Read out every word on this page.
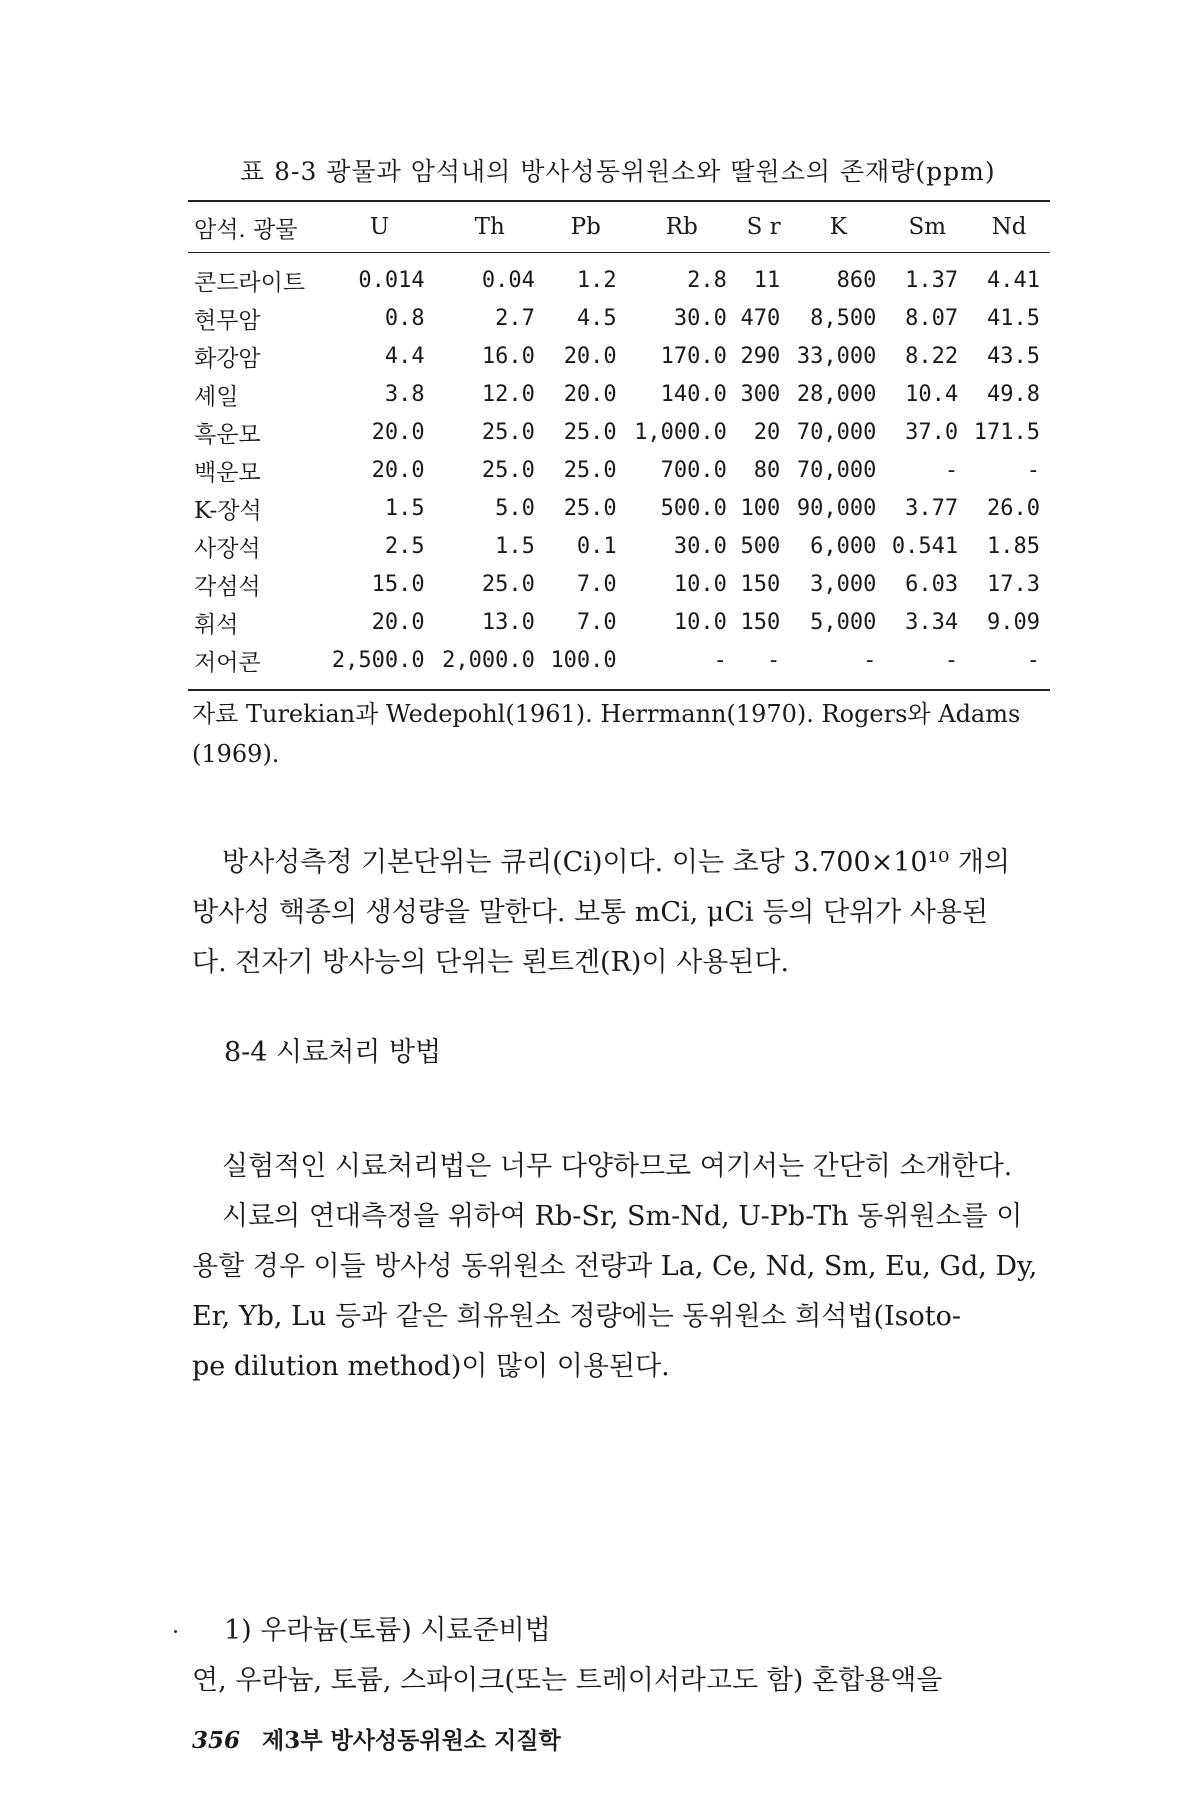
표 8-3 광물과 암석내의 방사성동위원소와 딸원소의 존재량(ppm)
암석. 광물	U	Th	Pb	Rb	S r	K	Sm	Nd
콘드라이트	0.014	0.04	1.2	2.8	11	860	1.37	4.41
현무암	0.8	2.7	4.5	30.0	470	8,500	8.07	41.5
화강암	4.4	16.0	20.0	170.0	290	33,000	8.22	43.5
셰일	3.8	12.0	20.0	140.0	300	28,000	10.4	49.8
흑운모	20.0	25.0	25.0	1,000.0	20	70,000	37.0	171.5
백운모	20.0	25.0	25.0	700.0	80	70,000	-	-
K-장석	1.5	5.0	25.0	500.0	100	90,000	3.77	26.0
사장석	2.5	1.5	0.1	30.0	500	6,000	0.541	1.85
각섬석	15.0	25.0	7.0	10.0	150	3,000	6.03	17.3
휘석	20.0	13.0	7.0	10.0	150	5,000	3.34	9.09
저어콘	2,500.0	2,000.0	100.0	-	-	-	-	-
자료 Turekian과 Wedepohl(1961). Herrmann(1970). Rogers와 Adams
(1969).
방사성측정 기본단위는 큐리(Ci)이다. 이는 초당 3.700×10¹⁰ 개의
방사성 핵종의 생성량을 말한다. 보통 mCi, μCi 등의 단위가 사용된
다. 전자기 방사능의 단위는 뢴트겐(R)이 사용된다.
8-4 시료처리 방법
실험적인 시료처리법은 너무 다양하므로 여기서는 간단히 소개한다.
시료의 연대측정을 위하여 Rb-Sr, Sm-Nd, U-Pb-Th 동위원소를 이
용할 경우 이들 방사성 동위원소 전량과 La, Ce, Nd, Sm, Eu, Gd, Dy,
Er, Yb, Lu 등과 같은 희유원소 정량에는 동위원소 희석법(Isoto-
pe dilution method)이 많이 이용된다.
1) 우라늄(토륨) 시료준비법
연, 우라늄, 토륨, 스파이크(또는 트레이서라고도 함) 혼합용액을
356 제3부 방사성동위원소 지질학
